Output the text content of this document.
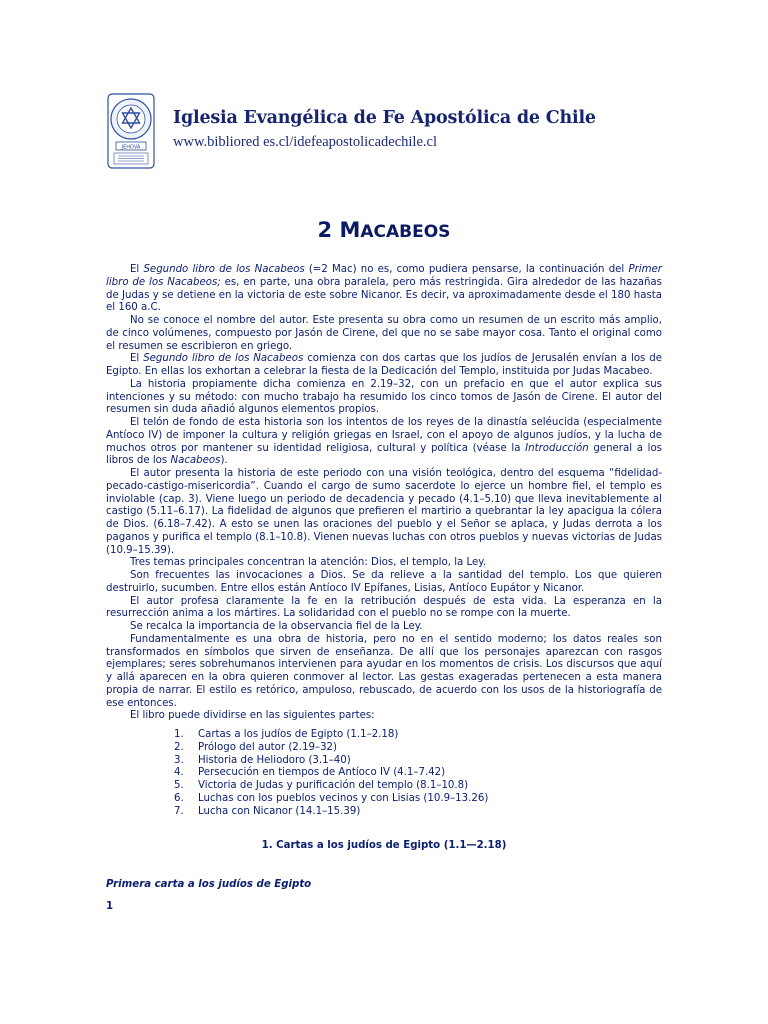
JEHOVÁ
Iglesia Evangélica de Fe Apostólica de Chile
www.bibliored es.cl/idefeapostolicadechile.cl
2 MACABEOS

El Segundo libro de los Nacabeos (=2 Mac) no es, como pudiera pensarse, la continuación del Primer libro de los Nacabeos; es, en parte, una obra paralela, pero más restringida. Gira alrededor de las hazañas de Judas y se detiene en la victoria de este sobre Nicanor. Es decir, va aproximadamente desde el 180 hasta el 160 a.C.

No se conoce el nombre del autor. Este presenta su obra como un resumen de un escrito más amplio, de cinco volúmenes, compuesto por Jasón de Cirene, del que no se sabe mayor cosa. Tanto el original como el resumen se escribieron en griego.

El Segundo libro de los Nacabeos comienza con dos cartas que los judíos de Jerusalén envían a los de Egipto. En ellas los exhortan a celebrar la fiesta de la Dedicación del Templo, instituida por Judas Macabeo.

La historia propiamente dicha comienza en 2.19–32, con un prefacio en que el autor explica sus intenciones y su método: con mucho trabajo ha resumido los cinco tomos de Jasón de Cirene. El autor del resumen sin duda añadió algunos elementos propios.

El telón de fondo de esta historia son los intentos de los reyes de la dinastía seléucida (especialmente Antíoco IV) de imponer la cultura y religión griegas en Israel, con el apoyo de algunos judíos, y la lucha de muchos otros por mantener su identidad religiosa, cultural y política (véase la Introducción general a los libros de los Nacabeos).

El autor presenta la historia de este periodo con una visión teológica, dentro del esquema “fidelidad-pecado-castigo-misericordia”. Cuando el cargo de sumo sacerdote lo ejerce un hombre fiel, el templo es inviolable (cap. 3). Viene luego un periodo de decadencia y pecado (4.1–5.10) que lleva inevitablemente al castigo (5.11–6.17). La fidelidad de algunos que prefieren el martirio a quebrantar la ley apacigua la cólera de Dios. (6.18–7.42). A esto se unen las oraciones del pueblo y el Señor se aplaca, y Judas derrota a los paganos y purifica el templo (8.1–10.8). Vienen nuevas luchas con otros pueblos y nuevas victorias de Judas (10.9–15.39).

Tres temas principales concentran la atención: Dios, el templo, la Ley.

Son frecuentes las invocaciones a Dios. Se da relieve a la santidad del templo. Los que quieren destruirlo, sucumben. Entre ellos están Antíoco IV Epífanes, Lisias, Antíoco Eupátor y Nicanor.

El autor profesa claramente la fe en la retribución después de esta vida. La esperanza en la resurrección anima a los mártires. La solidaridad con el pueblo no se rompe con la muerte.

Se recalca la importancia de la observancia fiel de la Ley.

Fundamentalmente es una obra de historia, pero no en el sentido moderno; los datos reales son transformados en símbolos que sirven de enseñanza. De allí que los personajes aparezcan con rasgos ejemplares; seres sobrehumanos intervienen para ayudar en los momentos de crisis. Los discursos que aquí y allá aparecen en la obra quieren conmover al lector. Las gestas exageradas pertenecen a esta manera propia de narrar. El estilo es retórico, ampuloso, rebuscado, de acuerdo con los usos de la historiografía de ese entonces.

El libro puede dividirse en las siguientes partes:

1. Cartas a los judíos de Egipto (1.1–2.18)
2. Prólogo del autor (2.19–32)
3. Historia de Heliodoro (3.1–40)
4. Persecución en tiempos de Antíoco IV (4.1–7.42)
5. Victoria de Judas y purificación del templo (8.1–10.8)
6. Luchas con los pueblos vecinos y con Lisias (10.9–13.26)
7. Lucha con Nicanor (14.1–15.39)
1. Cartas a los judíos de Egipto (1.1—2.18)
Primera carta a los judíos de Egipto
1
